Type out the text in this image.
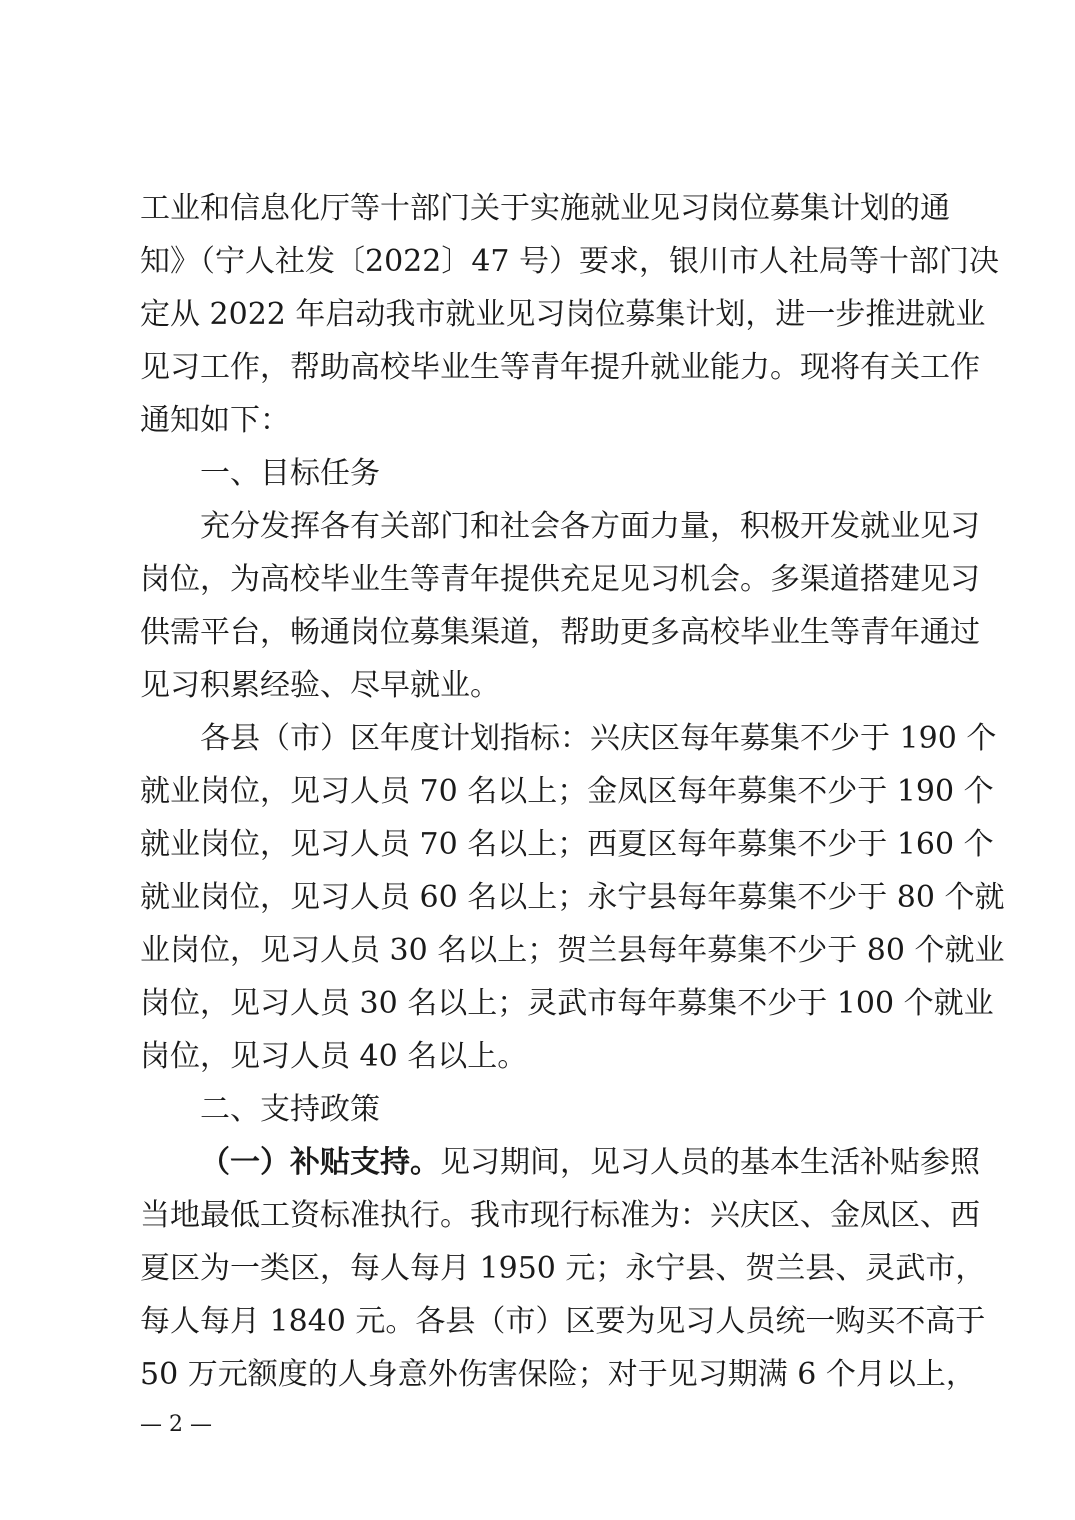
工业和信息化厅等十部门关于实施就业见习岗位募集计划的通
知》（宁人社发〔2022〕47 号）要求，银川市人社局等十部门决
定从 2022 年启动我市就业见习岗位募集计划，进一步推进就业
见习工作，帮助高校毕业生等青年提升就业能力。现将有关工作
通知如下：
一、目标任务
充分发挥各有关部门和社会各方面力量，积极开发就业见习
岗位，为高校毕业生等青年提供充足见习机会。多渠道搭建见习
供需平台，畅通岗位募集渠道，帮助更多高校毕业生等青年通过
见习积累经验、尽早就业。
各县（市）区年度计划指标：兴庆区每年募集不少于 190 个
就业岗位，见习人员 70 名以上；金凤区每年募集不少于 190 个
就业岗位，见习人员 70 名以上；西夏区每年募集不少于 160 个
就业岗位，见习人员 60 名以上；永宁县每年募集不少于 80 个就
业岗位，见习人员 30 名以上；贺兰县每年募集不少于 80 个就业
岗位，见习人员 30 名以上；灵武市每年募集不少于 100 个就业
岗位，见习人员 40 名以上。
二、支持政策
（一）补贴支持。见习期间，见习人员的基本生活补贴参照
当地最低工资标准执行。我市现行标准为：兴庆区、金凤区、西
夏区为一类区，每人每月 1950 元；永宁县、贺兰县、灵武市，
每人每月 1840 元。各县（市）区要为见习人员统一购买不高于
50 万元额度的人身意外伤害保险；对于见习期满 6 个月以上，
— 2 —
